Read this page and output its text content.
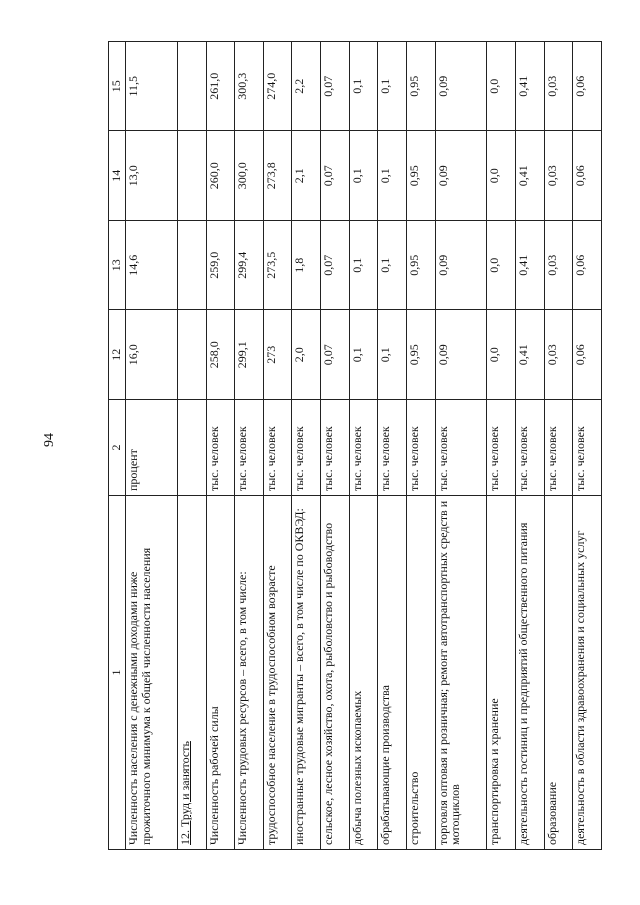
94
1	2	12	13	14	15
Численность населения с денежными доходами ниже прожиточного минимума к общей численности населения	процент	16,0	14,6	13,0	11,5
12. Труд и занятость					
Численность рабочей силы	тыс. человек	258,0	259,0	260,0	261,0
Численность трудовых ресурсов – всего, в том числе:	тыс. человек	299,1	299,4	300,0	300,3
трудоспособное население в трудоспособном возрасте	тыс. человек	273	273,5	273,8	274,0
иностранные трудовые мигранты – всего, в том числе по ОКВЭД:	тыс. человек	2,0	1,8	2,1	2,2
сельское, лесное хозяйство, охота, рыболовство и рыбоводство	тыс. человек	0,07	0,07	0,07	0,07
добыча полезных ископаемых	тыс. человек	0,1	0,1	0,1	0,1
обрабатывающие производства	тыс. человек	0,1	0,1	0,1	0,1
строительство	тыс. человек	0,95	0,95	0,95	0,95
торговля оптовая и розничная; ремонт автотранспортных средств и мотоциклов	тыс. человек	0,09	0,09	0,09	0,09
транспортировка и хранение	тыс. человек	0,0	0,0	0,0	0,0
деятельность гостиниц и предприятий общественного питания	тыс. человек	0,41	0,41	0,41	0,41
образование	тыс. человек	0,03	0,03	0,03	0,03
деятельность в области здравоохранения и социальных услуг	тыс. человек	0,06	0,06	0,06	0,06
